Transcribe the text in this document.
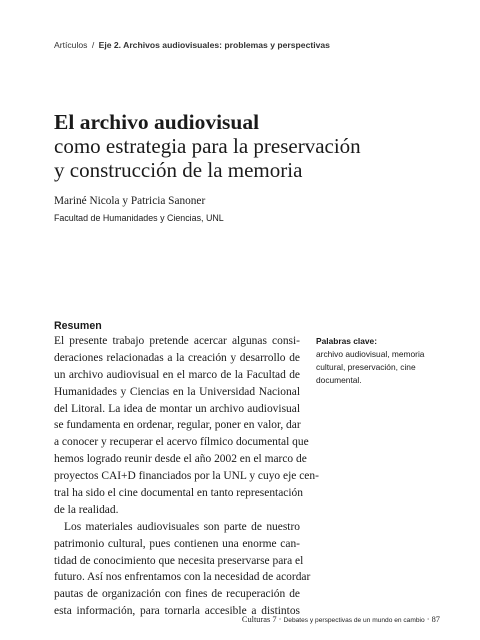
Artículos / Eje 2. Archivos audiovisuales: problemas y perspectivas
El archivo audiovisual
como estrategia para la preservación
y construcción de la memoria
Mariné Nicola y Patricia Sanoner
Facultad de Humanidades y Ciencias, UNL
Resumen
El presente trabajo pretende acercar algunas consi-
deraciones relacionadas a la creación y desarrollo de
un archivo audiovisual en el marco de la Facultad de
Humanidades y Ciencias en la Universidad Nacional
del Litoral. La idea de montar un archivo audiovisual
se fundamenta en ordenar, regular, poner en valor, dar
a conocer y recuperar el acervo fílmico documental que
hemos logrado reunir desde el año 2002 en el marco de
proyectos CAI+D financiados por la UNL y cuyo eje cen-
tral ha sido el cine documental en tanto representación
de la realidad.
Los materiales audiovisuales son parte de nuestro
patrimonio cultural, pues contienen una enorme can-
tidad de conocimiento que necesita preservarse para el
futuro. Así nos enfrentamos con la necesidad de acordar
pautas de organización con fines de recuperación de
esta información, para tornarla accesible a distintos
Palabras clave:
archivo audiovisual, memoria cultural, preservación, cine documental.
Culturas 7 · Debates y perspectivas de un mundo en cambio · 87
